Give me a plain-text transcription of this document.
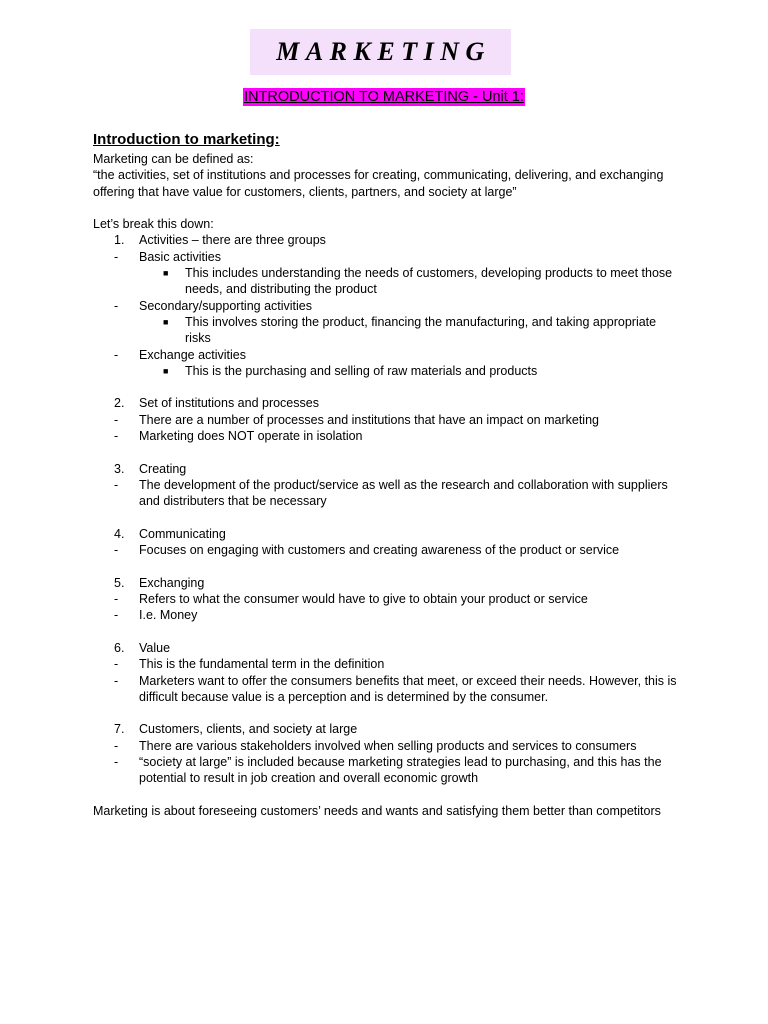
MARKETING
INTRODUCTION TO MARKETING - Unit 1:
Introduction to marketing:
Marketing can be defined as:
“the activities, set of institutions and processes for creating, communicating, delivering, and exchanging offering that have value for customers, clients, partners, and society at large”
Let’s break this down:
1. Activities – there are three groups
- Basic activities
■ This includes understanding the needs of customers, developing products to meet those needs, and distributing the product
- Secondary/supporting activities
■ This involves storing the product, financing the manufacturing, and taking appropriate risks
- Exchange activities
■ This is the purchasing and selling of raw materials and products
2. Set of institutions and processes
- There are a number of processes and institutions that have an impact on marketing
- Marketing does NOT operate in isolation
3. Creating
- The development of the product/service as well as the research and collaboration with suppliers and distributers that be necessary
4. Communicating
- Focuses on engaging with customers and creating awareness of the product or service
5. Exchanging
- Refers to what the consumer would have to give to obtain your product or service
- I.e. Money
6. Value
- This is the fundamental term in the definition
- Marketers want to offer the consumers benefits that meet, or exceed their needs. However, this is difficult because value is a perception and is determined by the consumer.
7. Customers, clients, and society at large
- There are various stakeholders involved when selling products and services to consumers
- “society at large” is included because marketing strategies lead to purchasing, and this has the potential to result in job creation and overall economic growth
Marketing is about foreseeing customers’ needs and wants and satisfying them better than competitors
